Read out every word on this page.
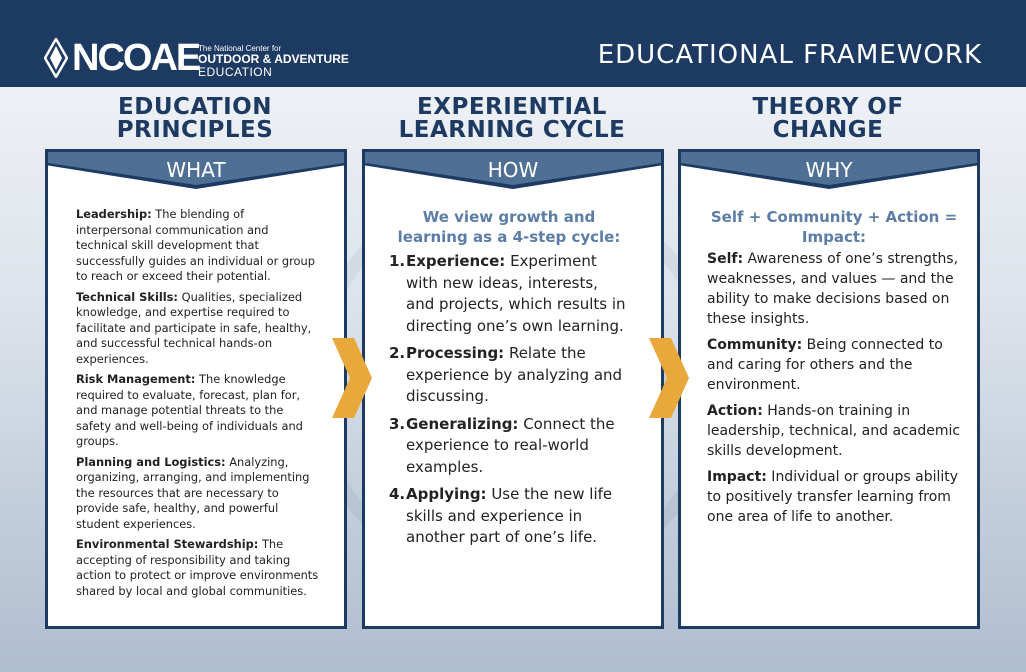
NCOAE
The National Center for
OUTDOOR & ADVENTURE
EDUCATION
EDUCATIONAL FRAMEWORK
EDUCATION
PRINCIPLES
EXPERIENTIAL
LEARNING CYCLE
THEORY OF
CHANGE
WHAT

Leadership: The blending of interpersonal communication and technical skill development that successfully guides an individual or group to reach or exceed their potential.

Technical Skills: Qualities, specialized knowledge, and expertise required to facilitate and participate in safe, healthy, and successful technical hands-on experiences.

Risk Management: The knowledge required to evaluate, forecast, plan for, and manage potential threats to the safety and well-being of individuals and groups.

Planning and Logistics: Analyzing, organizing, arranging, and implementing the resources that are necessary to provide safe, healthy, and powerful student experiences.

Environmental Stewardship: The accepting of responsibility and taking action to protect or improve environments shared by local and global communities.

HOW
We view growth and learning as a 4-step cycle:
1. Experience: Experiment with new ideas, interests, and projects, which results in directing one’s own learning.
2. Processing: Relate the experience by analyzing and discussing.
3. Generalizing: Connect the experience to real-world examples.
4. Applying: Use the new life skills and experience in another part of one’s life.
WHY
Self + Community + Action = Impact:
Self: Awareness of one’s strengths, weaknesses, and values — and the ability to make decisions based on these insights.
Community: Being connected to and caring for others and the environment.
Action: Hands-on training in leadership, technical, and academic skills development.
Impact: Individual or groups ability to positively transfer learning from one area of life to another.
